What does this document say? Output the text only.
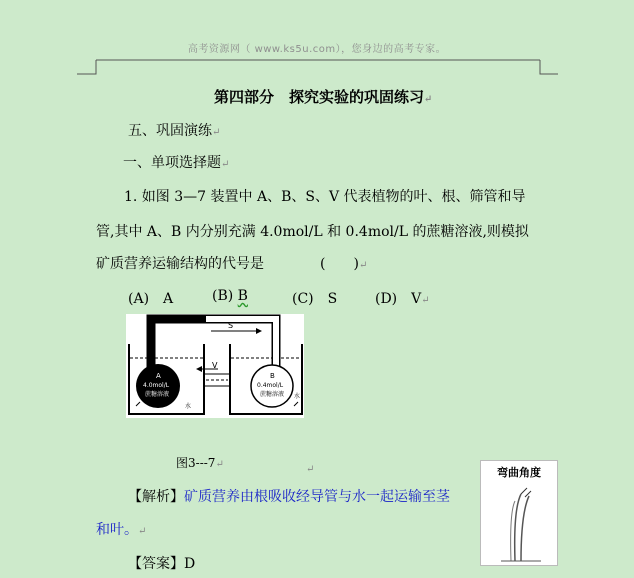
高考资源网（ www.ks5u.com），您身边的高考专家。
第四部分　探究实验的巩固练习↵
五、巩固演练↵
一、单项选择题↵
1. 如图 3—7 装置中 A、B、S、V 代表植物的叶、根、筛管和导
管,其中 A、B 内分别充满 4.0mol/L 和 0.4mol/L 的蔗糖溶液,则模拟
矿质营养运输结构的代号是　　　　(　　)↵
(A)　A	(B) B	(C)　S	(D)　V↵
S
V
A
4.0mol/L
蔗糖溶液
B
0.4mol/L
蔗糖溶液
水
水
图3---7↵	↵
【解析】矿质营养由根吸收经导管与水一起运输至茎
和叶。↵
【答案】D
弯曲角度
